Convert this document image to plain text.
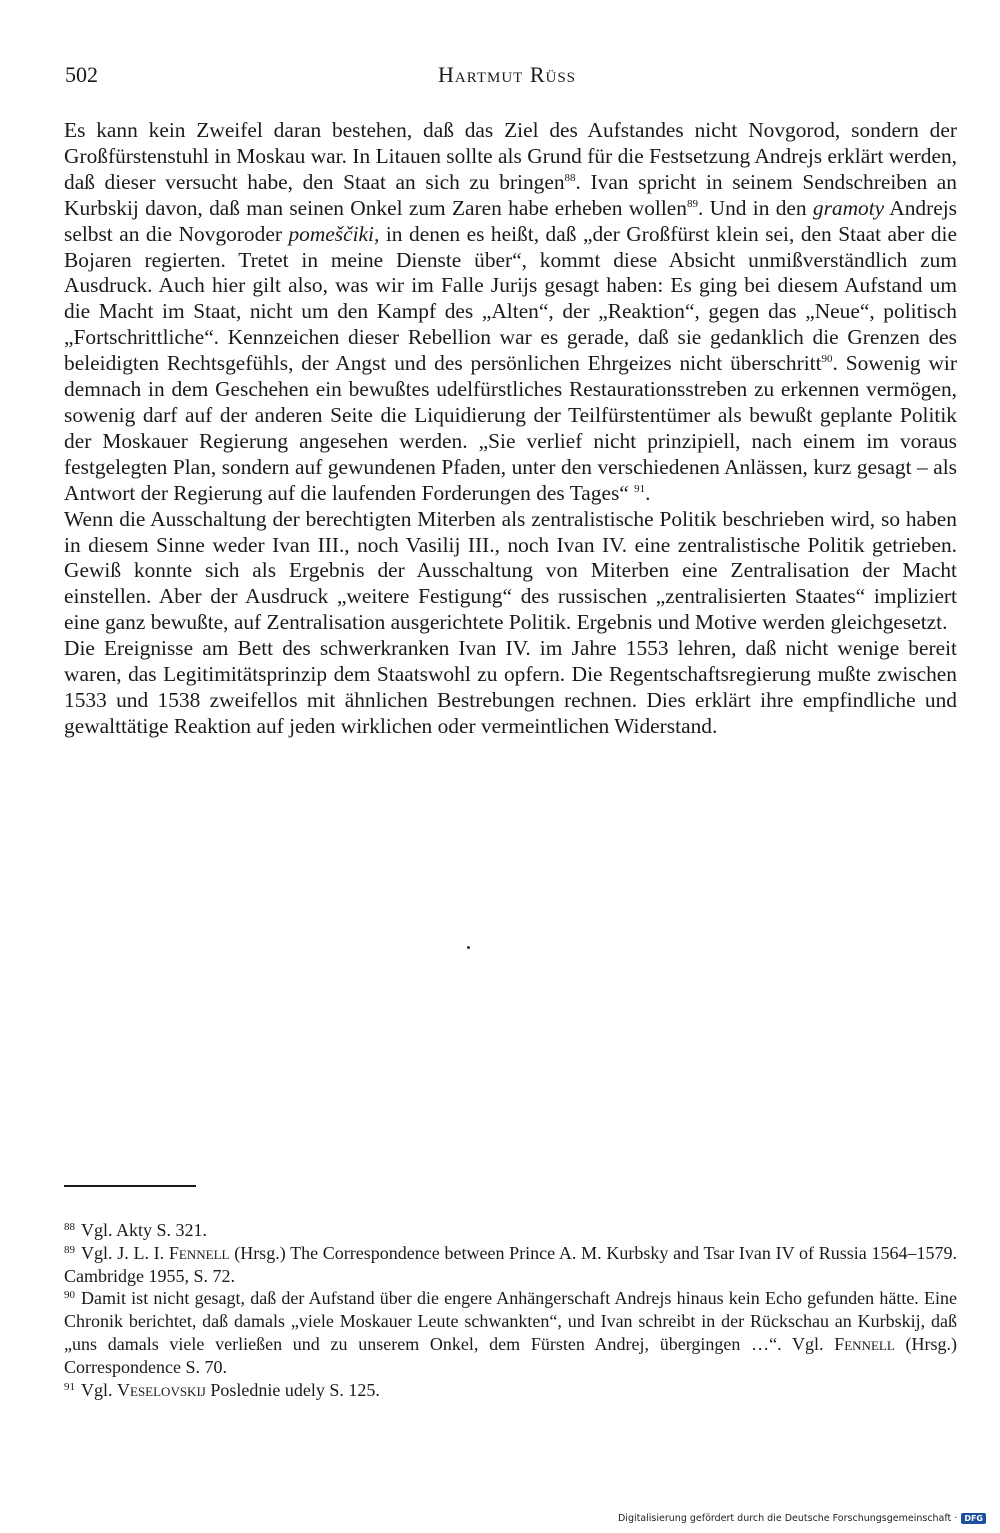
502	Hartmut Rüss

Es kann kein Zweifel daran bestehen, daß das Ziel des Aufstandes nicht Novgorod, sondern der Großfürstenstuhl in Moskau war. In Litauen sollte als Grund für die Festsetzung Andrejs erklärt werden, daß dieser versucht habe, den Staat an sich zu bringen$^{88}$. Ivan spricht in seinem Sendschreiben an Kurbskij davon, daß man seinen Onkel zum Zaren habe erheben wollen$^{89}$. Und in den gramoty Andrejs selbst an die Novgoroder pomeščiki, in denen es heißt, daß „der Großfürst klein sei, den Staat aber die Bojaren regierten. Tretet in meine Dienste über“, kommt diese Absicht unmißverständlich zum Ausdruck. Auch hier gilt also, was wir im Falle Jurijs gesagt haben: Es ging bei diesem Aufstand um die Macht im Staat, nicht um den Kampf des „Alten“, der „Reaktion“, gegen das „Neue“, politisch „Fortschrittliche“. Kennzeichen dieser Rebellion war es gerade, daß sie gedanklich die Grenzen des beleidigten Rechtsgefühls, der Angst und des persönlichen Ehrgeizes nicht überschritt$^{90}$. Sowenig wir demnach in dem Geschehen ein bewußtes udelfürstliches Restaurationsstreben zu erkennen vermögen, sowenig darf auf der anderen Seite die Liquidierung der Teilfürstentümer als bewußt geplante Politik der Moskauer Regierung angesehen werden. „Sie verlief nicht prinzipiell, nach einem im voraus festgelegten Plan, sondern auf gewundenen Pfaden, unter den verschiedenen Anlässen, kurz gesagt – als Antwort der Regierung auf die laufenden Forderungen des Tages“ $^{91}$.

Wenn die Ausschaltung der berechtigten Miterben als zentralistische Politik beschrieben wird, so haben in diesem Sinne weder Ivan III., noch Vasilij III., noch Ivan IV. eine zentralistische Politik getrieben. Gewiß konnte sich als Ergebnis der Ausschaltung von Miterben eine Zentralisation der Macht einstellen. Aber der Ausdruck „weitere Festigung“ des russischen „zentralisierten Staates“ impliziert eine ganz bewußte, auf Zentralisation ausgerichtete Politik. Ergebnis und Motive werden gleichgesetzt.

Die Ereignisse am Bett des schwerkranken Ivan IV. im Jahre 1553 lehren, daß nicht wenige bereit waren, das Legitimitätsprinzip dem Staatswohl zu opfern. Die Regentschaftsregierung mußte zwischen 1533 und 1538 zweifellos mit ähnlichen Bestrebungen rechnen. Dies erklärt ihre empfindliche und gewalttätige Reaktion auf jeden wirklichen oder vermeintlichen Widerstand.

$^{88}$ Vgl. Akty S. 321.

$^{89}$ Vgl. J. L. I. Fennell (Hrsg.) The Correspondence between Prince A. M. Kurbsky and Tsar Ivan IV of Russia 1564–1579. Cambridge 1955, S. 72.

$^{90}$ Damit ist nicht gesagt, daß der Aufstand über die engere Anhängerschaft Andrejs hinaus kein Echo gefunden hätte. Eine Chronik berichtet, daß damals „viele Moskauer Leute schwankten“, und Ivan schreibt in der Rückschau an Kurbskij, daß „uns damals viele verließen und zu unserem Onkel, dem Fürsten Andrej, übergingen …“. Vgl. Fennell (Hrsg.) Correspondence S. 70.

$^{91}$ Vgl. Veselovskij Poslednie udely S. 125.

Digitalisierung gefördert durch die Deutsche Forschungsgemeinschaft · DFG
